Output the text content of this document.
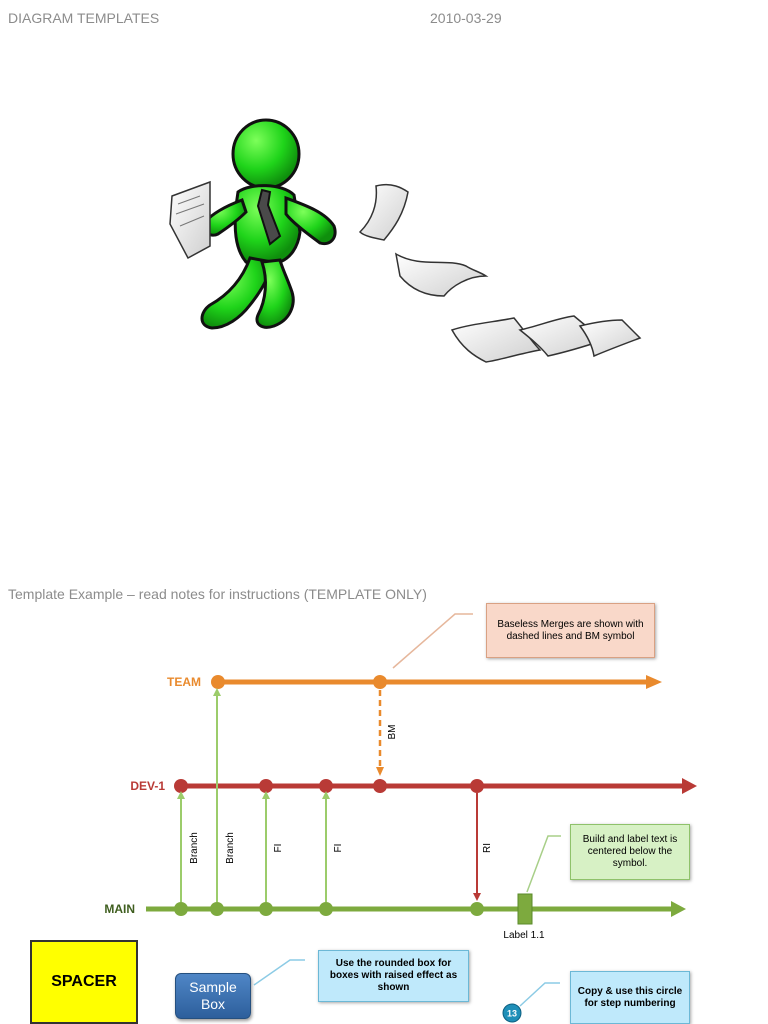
DIAGRAM TEMPLATES	2010-03-29
TEAM
DEV-1
MAIN
Branch	Branch	FI	FI	RI
BM
Label 1.1
13
Template Example – read notes for instructions (TEMPLATE ONLY)
Baseless Merges are shown with dashed lines and BM symbol
Build and label text is centered below the symbol.
Use the rounded box for boxes with raised effect as shown	Copy & use this circle for step numbering
SPACER	Sample Box
